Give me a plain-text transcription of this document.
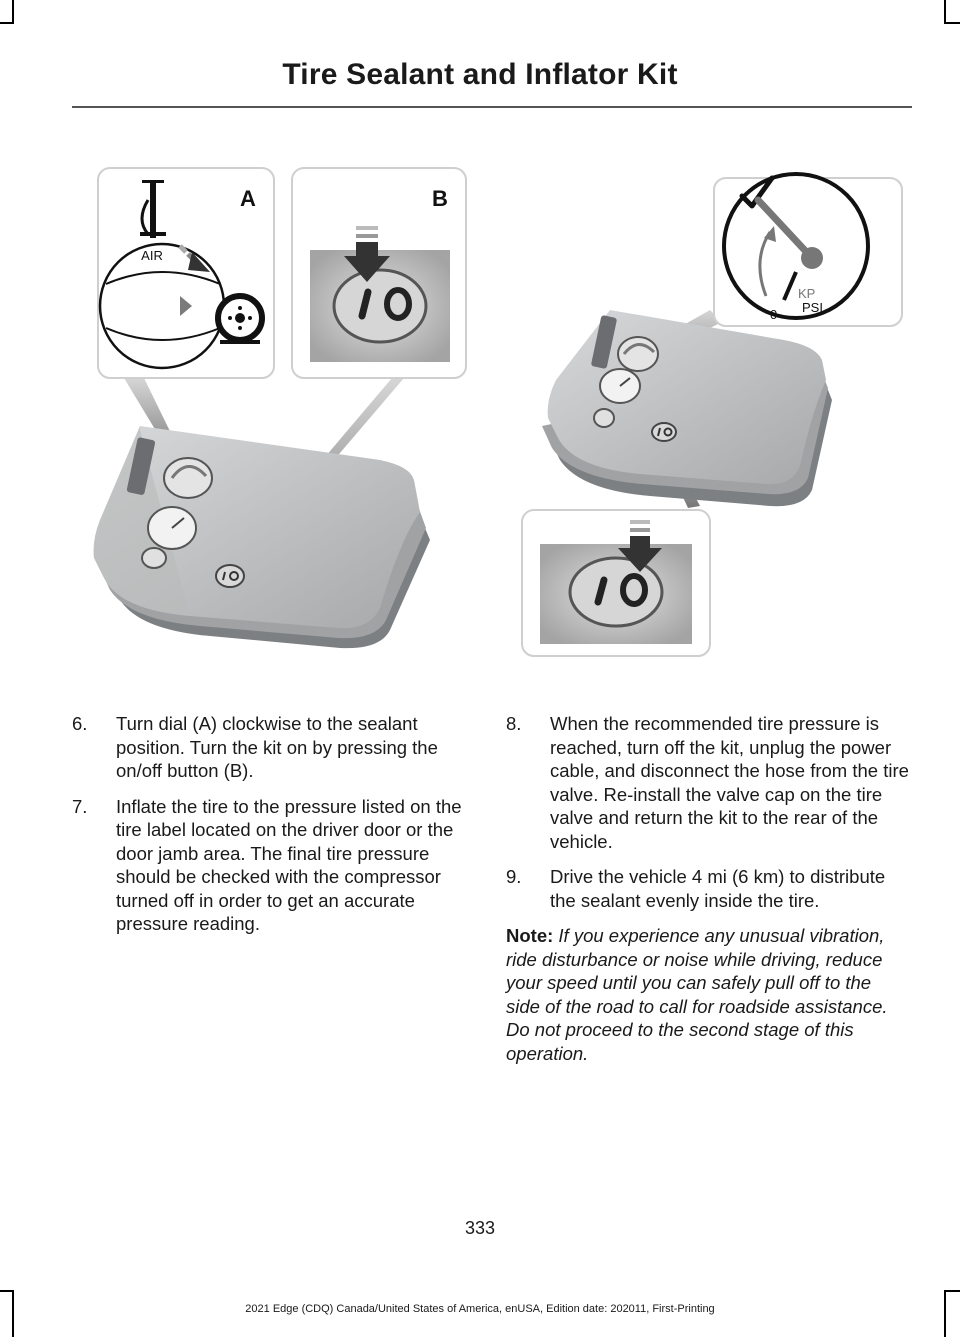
Tire Sealant and Inflator Kit
A
AIR
B
KP
PSI
0
6.	Turn dial (A) clockwise to the sealant position. Turn the kit on by pressing the on/off button (B).
7.	Inflate the tire to the pressure listed on the tire label located on the driver door or the door jamb area. The final tire pressure should be checked with the compressor turned off in order to get an accurate pressure reading.
8.	When the recommended tire pressure is reached, turn off the kit, unplug the power cable, and disconnect the hose from the tire valve. Re-install the valve cap on the tire valve and return the kit to the rear of the vehicle.
9.	Drive the vehicle 4 mi (6 km) to distribute the sealant evenly inside the tire.

Note: If you experience any unusual vibration, ride disturbance or noise while driving, reduce your speed until you can safely pull off to the side of the road to call for roadside assistance. Do not proceed to the second stage of this operation.

333
2021 Edge (CDQ) Canada/United States of America, enUSA, Edition date: 202011, First-Printing
